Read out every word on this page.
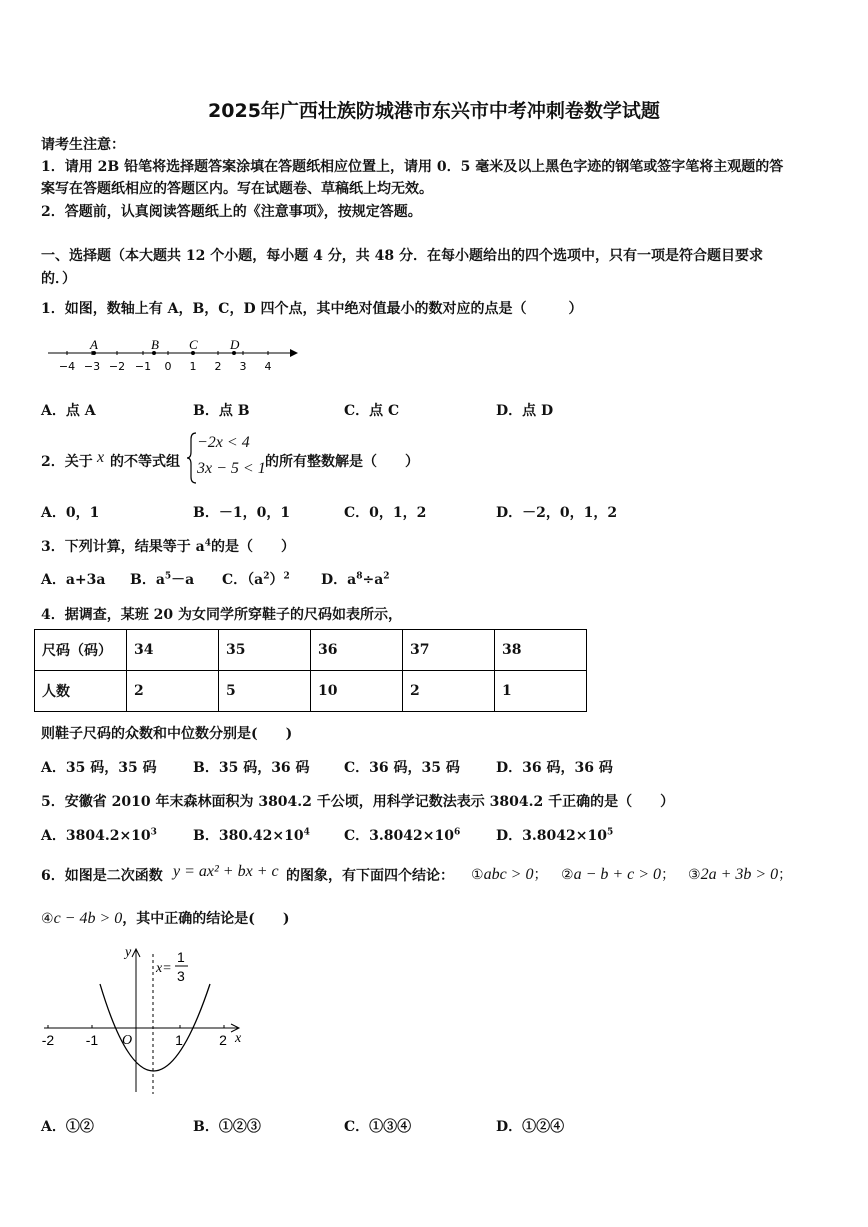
2025年广西壮族防城港市东兴市中考冲刺卷数学试题
请考生注意：
1．请用 2B 铅笔将选择题答案涂填在答题纸相应位置上，请用 0．5 毫米及以上黑色字迹的钢笔或签字笔将主观题的答
案写在答题纸相应的答题区内。写在试题卷、草稿纸上均无效。
2．答题前，认真阅读答题纸上的《注意事项》，按规定答题。
一、选择题（本大题共 12 个小题，每小题 4 分，共 48 分．在每小题给出的四个选项中，只有一项是符合题目要求
的．）
1．如图，数轴上有 A，B，C，D 四个点，其中绝对值最小的数对应的点是（　　　）
A	B C D
−4 −3 −2 −1 0 1 2 3 4
A．点 A	B．点 B	C．点 C	D．点 D
2．关于 x 的不等式组
−2x < 4
3x − 5 < 1 的所有整数解是（　　）
A．0，1	B．－1，0，1	C．0，1，2	D．－2，0，1，2
3．下列计算，结果等于 $a^4$的是（　　）
A．a+3a B．$a^5-a$ C．$(a^2)^2$ D．$a^8\div a^2$
4．据调查，某班 20 为女同学所穿鞋子的尺码如表所示，
尺码（码）	34	35	36	37	38
人数	2	5	10	2	1
则鞋子尺码的众数和中位数分别是(　　)
A．35 码，35 码	B．35 码，36 码 C．36 码，35 码	D．36 码，36 码
5．安徽省 2010 年末森林面积为 3804.2 千公顷，用科学记数法表示 3804.2 千正确的是（　　）
A．$3804.2\times 10^3$	B．$380.42\times 10^4$ C．$3.8042\times 10^6$	D．$3.8042\times 10^5$
6．如图是二次函数 y = ax² + bx + c 的图象，有下面四个结论： ①abc > 0； ②a − b + c > 0； ③2a + 3b > 0；
④c − 4b > 0，其中正确的结论是(　　)
y
x
O
x=
1
3
-2 -1	1	2
A．①②	B．①②③	C．①③④	D．①②④
